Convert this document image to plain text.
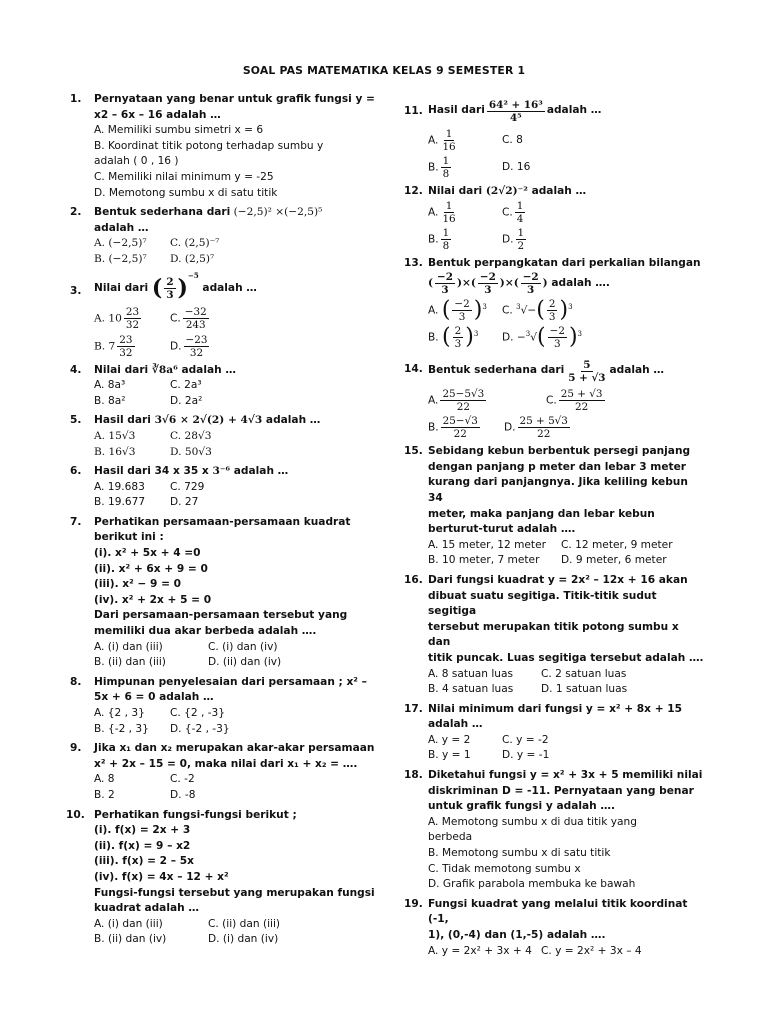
SOAL PAS MATEMATIKA KELAS 9 SEMESTER 1
1. Pernyataan yang benar untuk grafik fungsi y =
x2 – 6x – 16 adalah …
A. Memiliki sumbu simetri x = 6
B. Koordinat titik potong terhadap sumbu y
adalah ( 0 , 16 )
C. Memiliki nilai minimum y = -25
D. Memotong sumbu x di satu titik
2. Bentuk sederhana dari (−2,5)² ×(−2,5)⁵
adalah …
A. (−2,5)⁷	C. (2,5)⁻⁷
B. (−2,5)⁷	D. (2,5)⁷
3. Nilai dari
( $\frac{2}{3}$ ) −5

adalah …
A. $10 \frac{23}{32}$	C. $\frac{-32}{243}$
B. $7 \frac{23}{32}$	D. $\frac{-23}{32}$
4. Nilai dari ∛8a⁶ adalah …
A. 8a³	C. 2a³
B. 8a²	D. 2a²
5. Hasil dari 3√6 × 2√(2) + 4√3 adalah …
A. 15√3	C. 28√3
B. 16√3	D. 50√3
6. Hasil dari 34 x 35 x 3⁻⁶ adalah …
A. 19.683	C. 729
B. 19.677	D. 27
7. Perhatikan persamaan-persamaan kuadrat
berikut ini :
(i). x² + 5x + 4 =0
(ii). x² + 6x + 9 = 0
(iii). x² − 9 = 0
(iv). x² + 2x + 5 = 0
Dari persamaan-persamaan tersebut yang
memiliki dua akar berbeda adalah ….
A. (i) dan (iii)	C. (i) dan (iv)
B. (ii) dan (iii)	D. (ii) dan (iv)
8. Himpunan penyelesaian dari persamaan ; x² –
5x + 6 = 0 adalah …
A. {2 , 3}	C. {2 , -3}
B. {-2 , 3}	D. {-2 , -3}
9. Jika x₁ dan x₂ merupakan akar-akar persamaan
x² + 2x – 15 = 0, maka nilai dari x₁ + x₂ = ….
A. 8	C. -2
B. 2	D. -8
10. Perhatikan fungsi-fungsi berikut ;
(i). f(x) = 2x + 3
(ii). f(x) = 9 – x2
(iii). f(x) = 2 – 5x
(iv). f(x) = 4x – 12 + x²
Fungsi-fungsi tersebut yang merupakan fungsi
kuadrat adalah …
A. (i) dan (iii)	C. (ii) dan (iii)
B. (ii) dan (iv)	D. (i) dan (iv)
11. Hasil dari $\frac{\text{64² + 16³}}{\text{4⁵}}$ adalah …
A. $\frac{1}{16}$	C. 8
B. $\frac{1}{8}$	D. 16
12. Nilai dari (2√2)⁻² adalah …
A. $\frac{1}{16}$	C. $\frac{1}{4}$
B. $\frac{1}{8}$	D. $\frac{1}{2}$
13. Bentuk perpangkatan dari perkalian bilangan
( $\frac{-2}{3}$ ) ×( $\frac{-2}{3}$ ) ×( $\frac{-2}{3}$ )
adalah ….
A. ( $\frac{-2}{3} )^3$	C. $^3√-( \frac{2}{3} )^3$
B. ( $\frac{2}{3} )^3$	D. $-^3√( \frac{-2}{3} )^3$
14. Bentuk sederhana dari $\frac{5}{5 + √3}$ adalah …
A. $\frac{25-5√3}{22}$	C. $\frac{25 + √3}{22}$
B. $\frac{25-√3}{22} D$. $\frac{25 + 5√3}{22}$
15. Sebidang kebun berbentuk persegi panjang
dengan panjang p meter dan lebar 3 meter
kurang dari panjangnya. Jika keliling kebun 34
meter, maka panjang dan lebar kebun
berturut-turut adalah ….
A. 15 meter, 12 meter	C. 12 meter, 9 meter
B. 10 meter, 7 meter	D. 9 meter, 6 meter
16. Dari fungsi kuadrat y = 2x² – 12x + 16 akan
dibuat suatu segitiga. Titik-titik sudut segitiga
tersebut merupakan titik potong sumbu x dan
titik puncak. Luas segitiga tersebut adalah ….
A. 8 satuan luas	C. 2 satuan luas
B. 4 satuan luas	D. 1 satuan luas
17. Nilai minimum dari fungsi y = x² + 8x + 15
adalah …
A. y = 2	C. y = -2
B. y = 1	D. y = -1
18. Diketahui fungsi y = x² + 3x + 5 memiliki nilai
diskriminan D = -11. Pernyataan yang benar
untuk grafik fungsi y adalah ….
A. Memotong sumbu x di dua titik yang
berbeda
B. Memotong sumbu x di satu titik
C. Tidak memotong sumbu x
D. Grafik parabola membuka ke bawah
19. Fungsi kuadrat yang melalui titik koordinat (-1,
1), (0,-4) dan (1,-5) adalah ….
A. y = 2x² + 3x + 4 C. y = 2x² + 3x – 4
